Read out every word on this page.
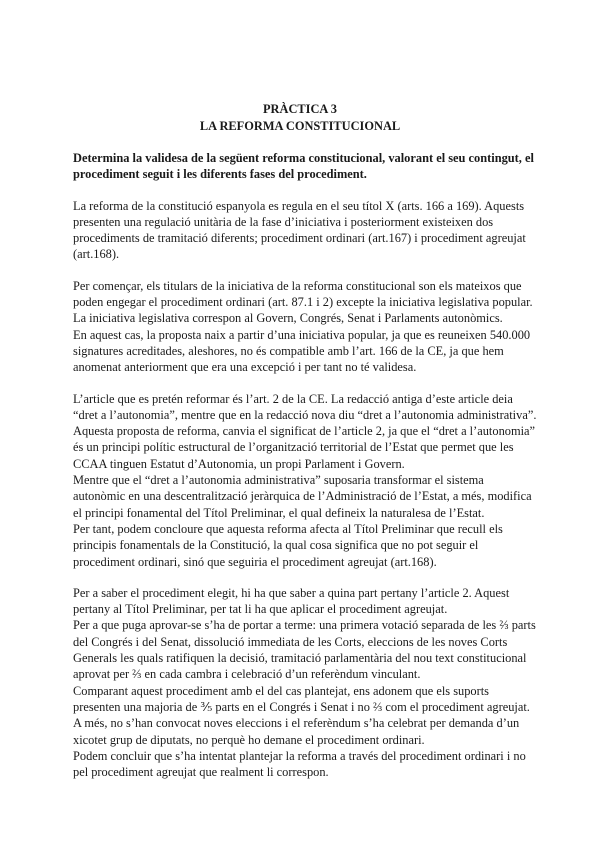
PRÀCTICA 3
LA REFORMA CONSTITUCIONAL

Determina la validesa de la següent reforma constitucional, valorant el seu contingut, el procediment seguit i les diferents fases del procediment.

La reforma de la constitució espanyola es regula en el seu títol X (arts. 166 a 169). Aquests presenten una regulació unitària de la fase d’iniciativa i posteriorment existeixen dos procediments de tramitació diferents; procediment ordinari (art.167) i procediment agreujat (art.168).

Per començar, els titulars de la iniciativa de la reforma constitucional son els mateixos que poden engegar el procediment ordinari (art. 87.1 i 2) excepte la iniciativa legislativa popular.
La iniciativa legislativa correspon al Govern, Congrés, Senat i Parlaments autonòmics.
En aquest cas, la proposta naix a partir d’una iniciativa popular, ja que es reuneixen 540.000 signatures acreditades, aleshores, no és compatible amb l’art. 166 de la CE, ja que hem anomenat anteriorment que era una excepció i per tant no té validesa.

L’article que es pretén reformar és l’art. 2 de la CE. La redacció antiga d’este article deia “dret a l’autonomia”, mentre que en la redacció nova diu “dret a l’autonomia administrativa”. Aquesta proposta de reforma, canvia el significat de l’article 2, ja que el “dret a l’autonomia” és un principi polític estructural de l’organització territorial de l’Estat que permet que les CCAA tinguen Estatut d’Autonomia, un propi Parlament i Govern.
Mentre que el “dret a l’autonomia administrativa” suposaria transformar el sistema autonòmic en una descentralització jeràrquica de l’Administració de l’Estat, a més, modifica el principi fonamental del Títol Preliminar, el qual defineix la naturalesa de l’Estat.
Per tant, podem concloure que aquesta reforma afecta al Títol Preliminar que recull els principis fonamentals de la Constitució, la qual cosa significa que no pot seguir el procediment ordinari, sinó que seguiria el procediment agreujat (art.168).

Per a saber el procediment elegit, hi ha que saber a quina part pertany l’article 2. Aquest pertany al Títol Preliminar, per tat li ha que aplicar el procediment agreujat.
Per a que puga aprovar-se s’ha de portar a terme: una primera votació separada de les ⅔ parts del Congrés i del Senat, dissolució immediata de les Corts, eleccions de les noves Corts Generals les quals ratifiquen la decisió, tramitació parlamentària del nou text constitucional aprovat per ⅔ en cada cambra i celebració d’un referèndum vinculant.
Comparant aquest procediment amb el del cas plantejat, ens adonem que els suports presenten una majoria de ⅗ parts en el Congrés i Senat i no ⅔ com el procediment agreujat.
A més, no s’han convocat noves eleccions i el referèndum s’ha celebrat per demanda d’un xicotet grup de diputats, no perquè ho demane el procediment ordinari.
Podem concluir que s’ha intentat plantejar la reforma a través del procediment ordinari i no pel procediment agreujat que realment li correspon.
